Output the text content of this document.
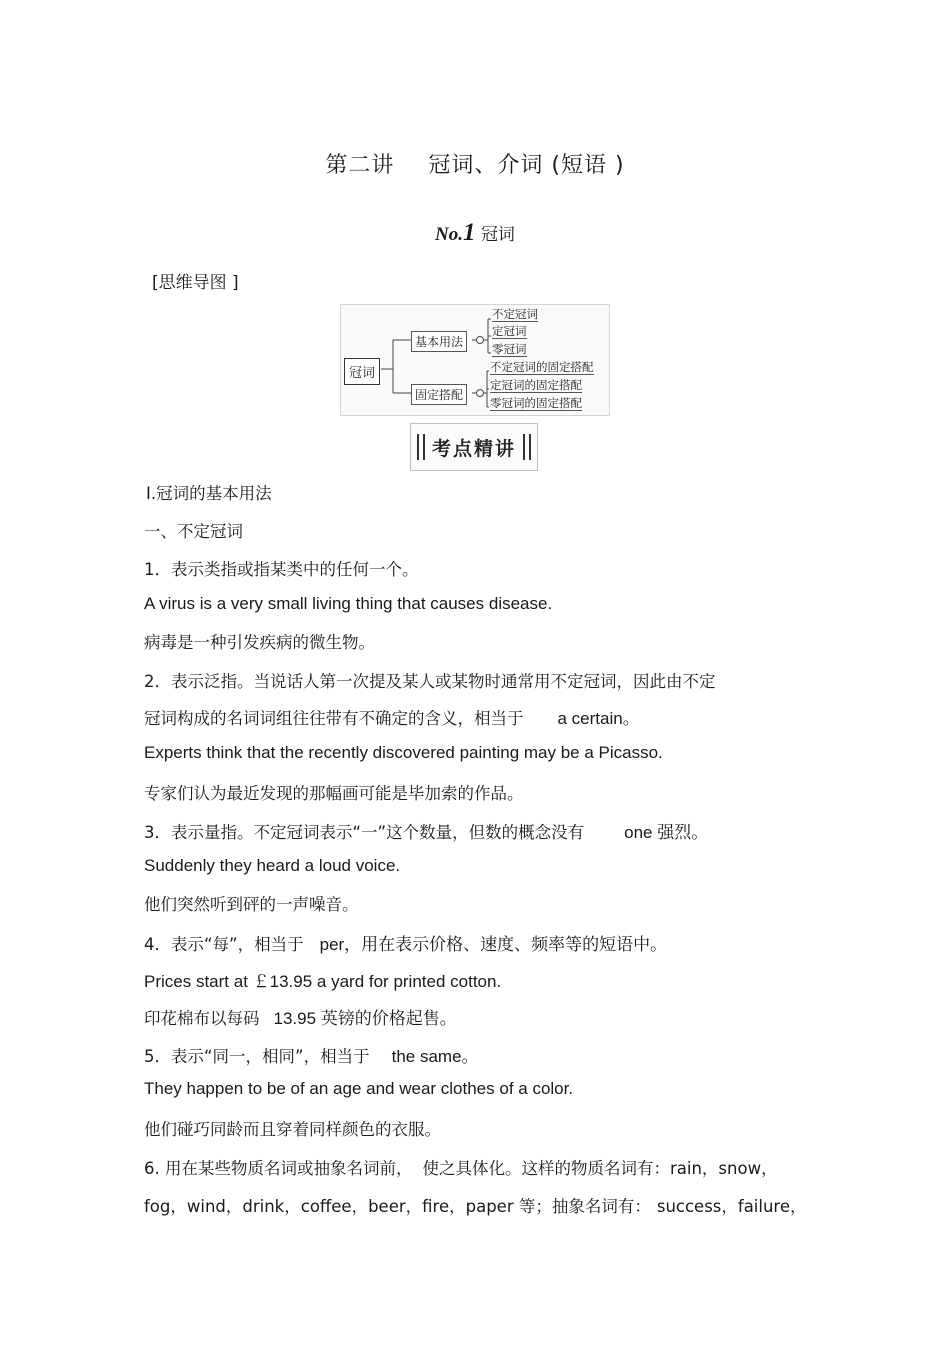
第二讲 冠词、介词 (短语 )
No.1 冠词
[思维导图 ]
冠词
基本用法
固定搭配
不定冠词
定冠词
零冠词
不定冠词的固定搭配
定冠词的固定搭配
零冠词的固定搭配
考点精讲
Ⅰ.冠词的基本用法
一、不定冠词
1．表示类指或指某类中的任何一个。
A virus is a very small living thing that causes disease.
病毒是一种引发疾病的微生物。
2．表示泛指。当说话人第一次提及某人或某物时通常用不定冠词，因此由不定
冠词构成的名词词组往往带有不确定的含义，相当于 a certain。
Experts think that the recently discovered painting may be a Picasso.
专家们认为最近发现的那幅画可能是毕加索的作品。
3．表示量指。不定冠词表示“一”这个数量，但数的概念没有 one 强烈。
Suddenly they heard a loud voice.
他们突然听到砰的一声噪音。
4．表示“每”，相当于 per，用在表示价格、速度、频率等的短语中。
Prices start at ￡13.95 a yard for printed cotton.
印花棉布以每码 13.95 英镑的价格起售。
5．表示“同一，相同”，相当于 the same。
They happen to be of an age and wear clothes of a color.
他们碰巧同龄而且穿着同样颜色的衣服。
6. 用在某些物质名词或抽象名词前， 使之具体化。这样的物质名词有：rain，snow，
fog，wind，drink，coffee，beer，fire，paper 等；抽象名词有： success，failure，
